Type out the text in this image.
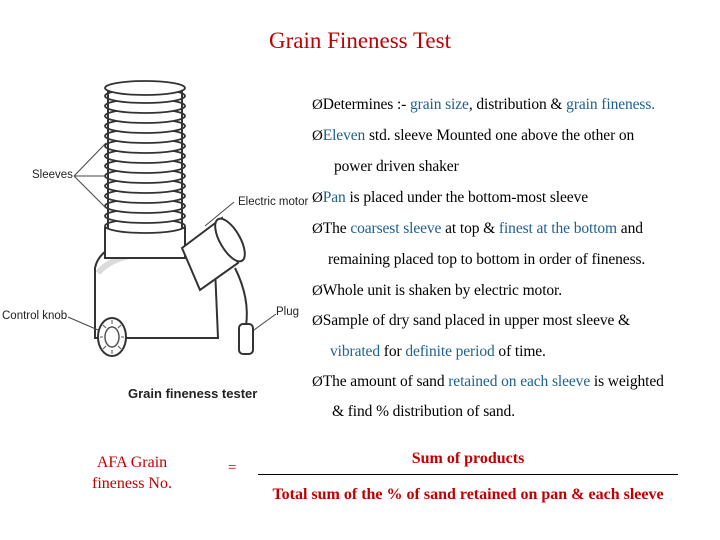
Grain Fineness Test
Sleeves
Electric motor
Control knob	Plug
Grain fineness tester
ØDetermines :- grain size, distribution & grain fineness.
ØEleven std. sleeve Mounted one above the other on
power driven shaker
ØPan is placed under the bottom-most sleeve
ØThe coarsest sleeve at top & finest at the bottom and
remaining placed top to bottom in order of fineness.
ØWhole unit is shaken by electric motor.
ØSample of dry sand placed in upper most sleeve &
vibrated for definite period of time.
ØThe amount of sand retained on each sleeve is weighted
& find % distribution of sand.
AFA Grain
fineness No.
=
Sum of products
Total sum of the % of sand retained on pan & each sleeve
